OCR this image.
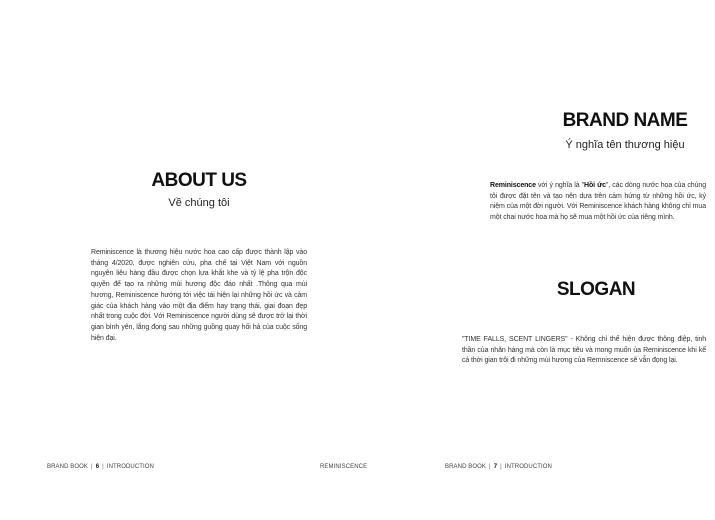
ABOUT US
Về chúng tôi
Reminiscence là thương hiệu nước hoa cao cấp được thành lập vào tháng 4/2020, được nghiên cứu, pha chế tại Việt Nam với nguồn nguyên liệu hàng đầu được chọn lựa khắt khe và tỷ lệ pha trộn độc quyền để tạo ra những mùi hương độc đáo nhất .Thông qua mùi hương, Reminiscence hướng tới việc tái hiện lại những hồi ức và cảm giác của khách hàng vào một địa điểm hay trạng thái, giai đoạn đẹp nhất trong cuộc đời. Với Reminiscence người dùng sẽ được trở lại thời gian bình yên, lắng đọng sau những guồng quay hối hả của cuộc sống hiện đại.
BRAND NAME
Ý nghĩa tên thương hiệu
Reminiscence với ý nghĩa là "Hồi ức", các dòng nước hoa của chúng tôi được đặt tên và tạo nên dựa trên cảm hứng từ những hồi ức, kỷ niệm của một đời người. Với Reminiscence khách hàng không chỉ mua một chai nước hoa mà họ sẽ mua một hồi ức của riêng mình.
SLOGAN
"TIME FALLS, SCENT LINGERS" - Không chỉ thể hiện được thông điệp, tinh thần của nhãn hàng mà còn là mục tiêu và mong muốn ủa Reminiscence khi kể cả thời gian trôi đi những mùi hương của Remniscence sẽ vẫn đọng lại.
BRAND BOOK | 6 | INTRODUCTION	REMINISCENCE	BRAND BOOK | 7 | INTRODUCTION
